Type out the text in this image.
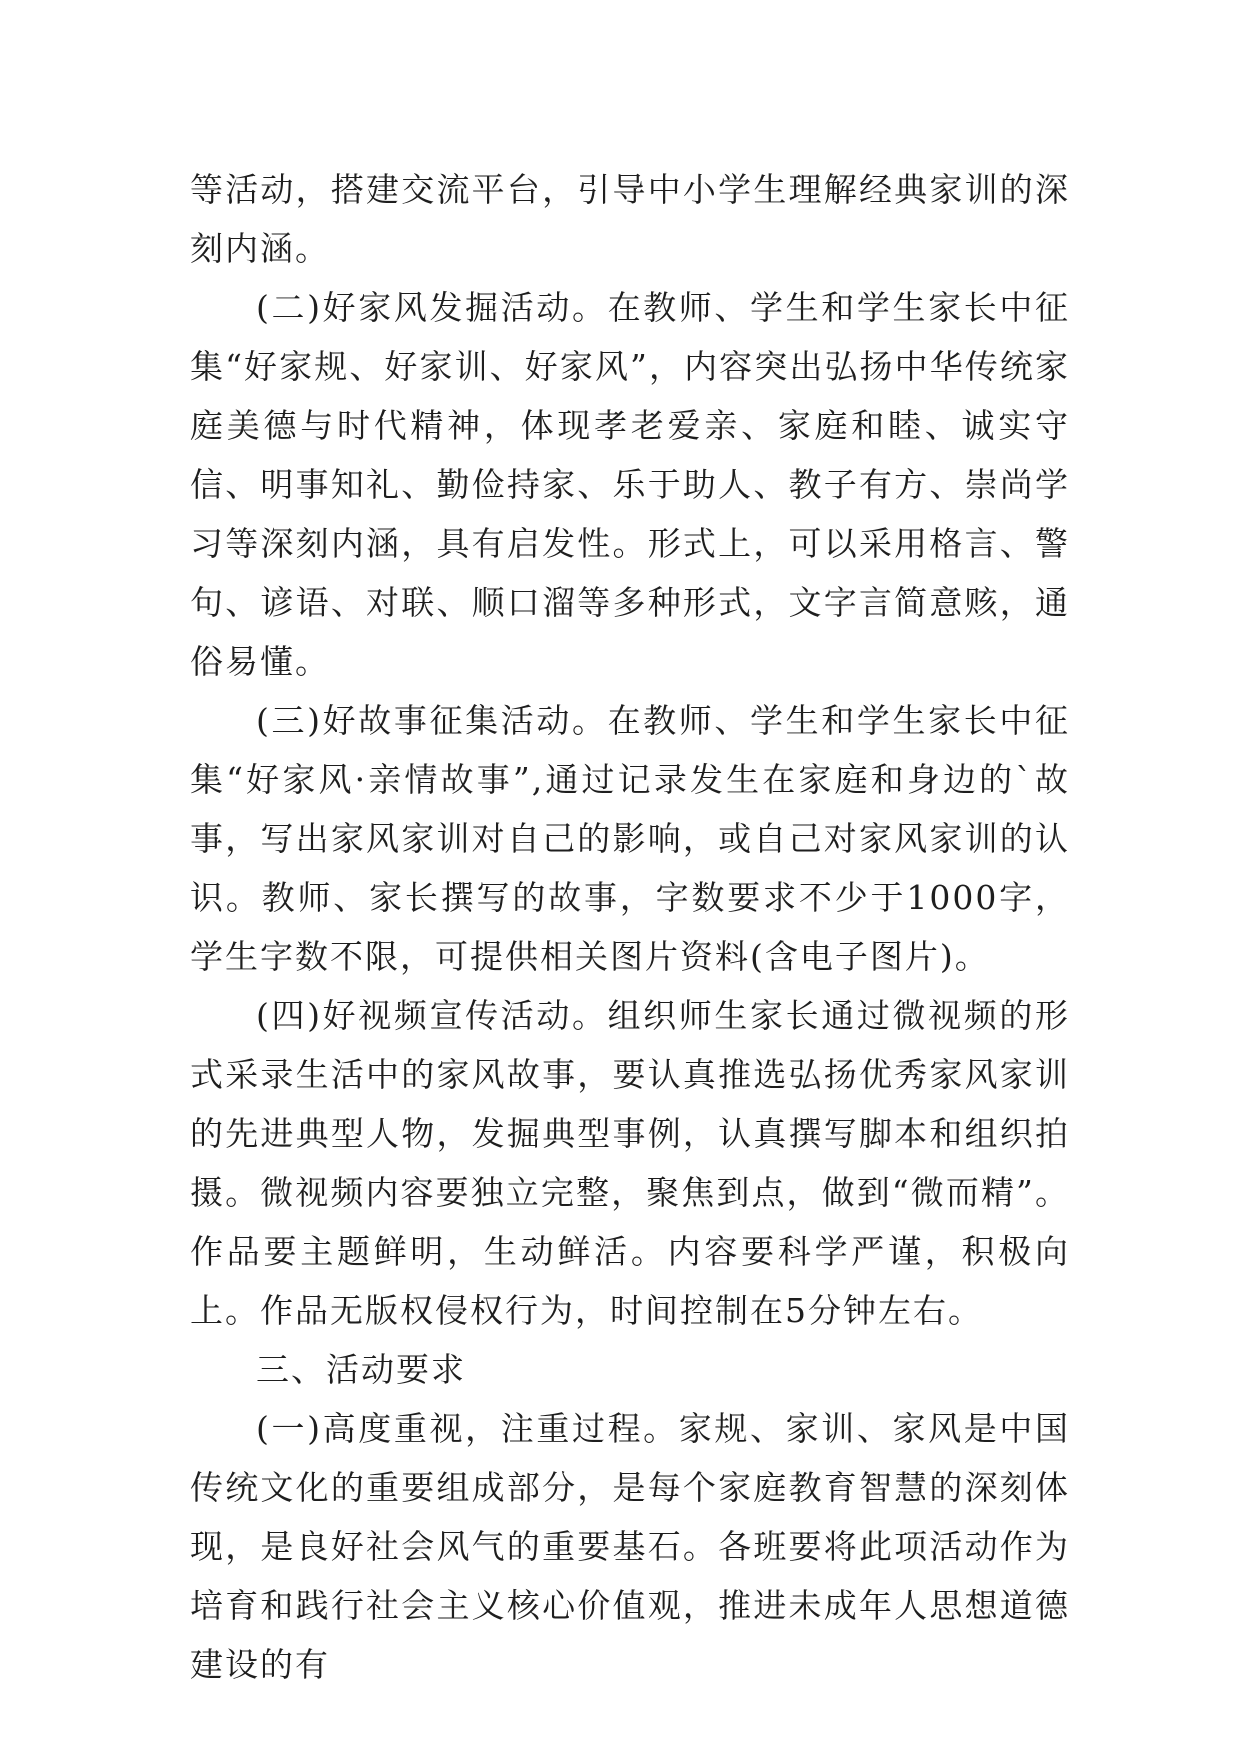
等活动，搭建交流平台，引导中小学生理解经典家训的深刻内涵。

(二)好家风发掘活动。在教师、学生和学生家长中征集“好家规、好家训、好家风”，内容突出弘扬中华传统家庭美德与时代精神，体现孝老爱亲、家庭和睦、诚实守信、明事知礼、勤俭持家、乐于助人、教子有方、崇尚学习等深刻内涵，具有启发性。形式上，可以采用格言、警句、谚语、对联、顺口溜等多种形式，文字言简意赅，通俗易懂。

(三)好故事征集活动。在教师、学生和学生家长中征集“好家风·亲情故事”,通过记录发生在家庭和身边的`故事，写出家风家训对自己的影响，或自己对家风家训的认识。教师、家长撰写的故事，字数要求不少于1000字，学生字数不限，可提供相关图片资料(含电子图片)。

(四)好视频宣传活动。组织师生家长通过微视频的形式采录生活中的家风故事，要认真推选弘扬优秀家风家训的先进典型人物，发掘典型事例，认真撰写脚本和组织拍摄。微视频内容要独立完整，聚焦到点，做到“微而精”。作品要主题鲜明，生动鲜活。内容要科学严谨，积极向上。作品无版权侵权行为，时间控制在5分钟左右。

三、活动要求

(一)高度重视，注重过程。家规、家训、家风是中国传统文化的重要组成部分，是每个家庭教育智慧的深刻体现，是良好社会风气的重要基石。各班要将此项活动作为培育和践行社会主义核心价值观，推进未成年人思想道德建设的有
